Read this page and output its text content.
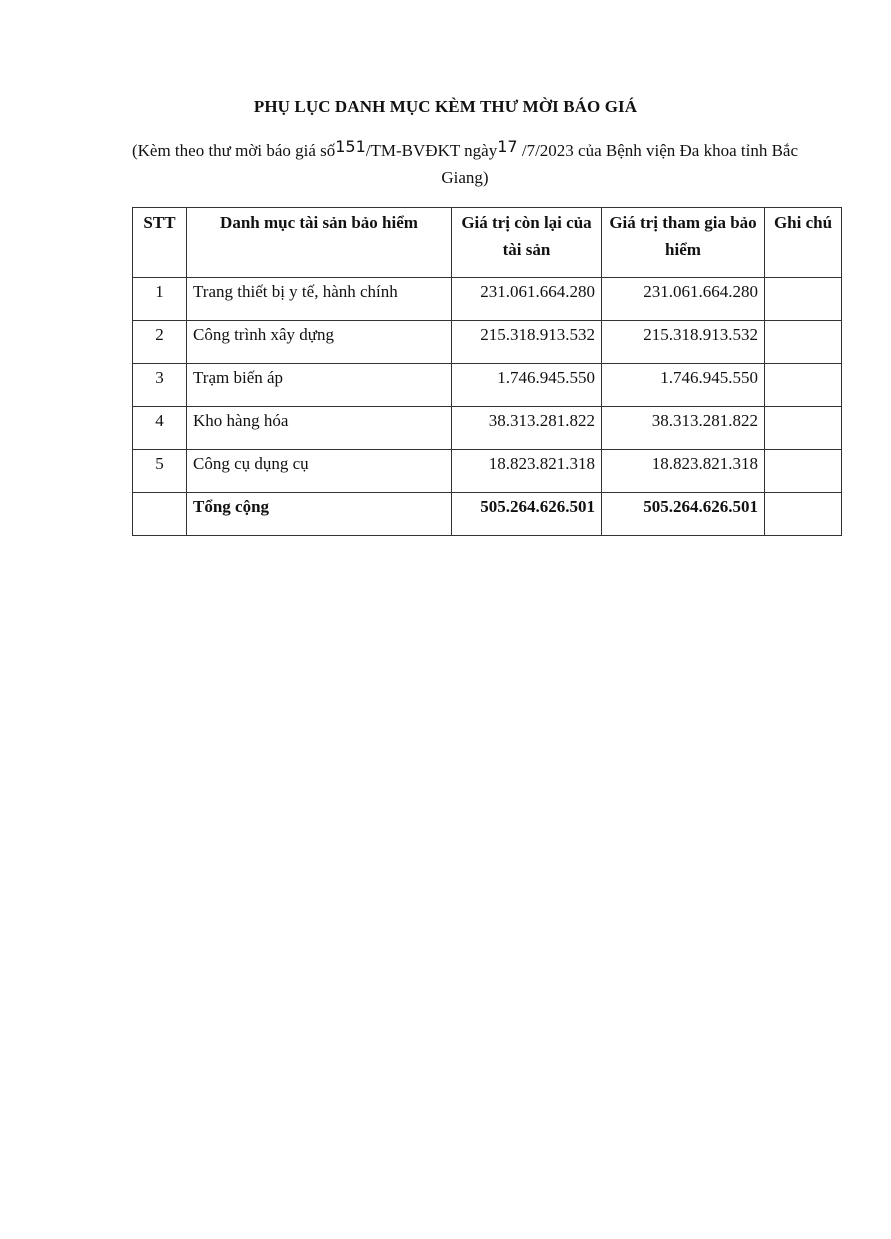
PHỤ LỤC DANH MỤC KÈM THƯ MỜI BÁO GIÁ
(Kèm theo thư mời báo giá số151/TM-BVĐKT ngày17 /7/2023 của Bệnh viện Đa khoa tỉnh Bắc Giang)
STT	Danh mục tài sản bảo hiểm	Giá trị còn lại của tài sản	Giá trị tham gia bảo hiểm	Ghi chú
1	Trang thiết bị y tế, hành chính	231.061.664.280	231.061.664.280	
2	Công trình xây dựng	215.318.913.532	215.318.913.532	
3	Trạm biến áp	1.746.945.550	1.746.945.550	
4	Kho hàng hóa	38.313.281.822	38.313.281.822	
5	Công cụ dụng cụ	18.823.821.318	18.823.821.318	
	Tổng cộng	505.264.626.501	505.264.626.501	
